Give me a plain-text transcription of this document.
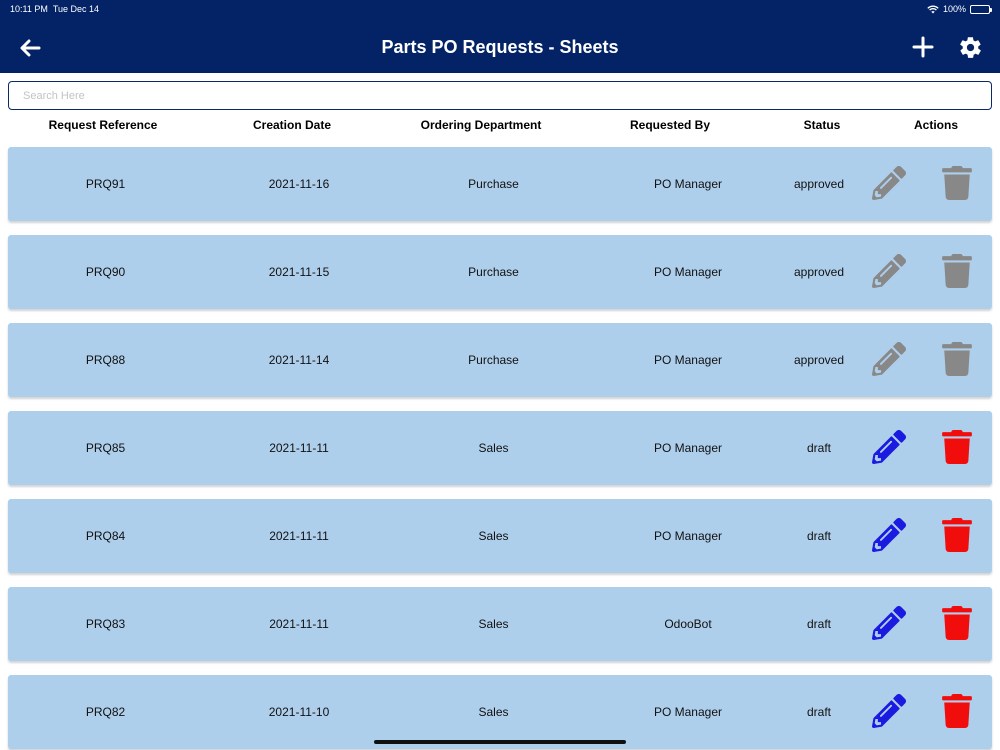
10:11 PM Tue Dec 14	100%
Parts PO Requests - Sheets
Search Here
Request Reference	Creation Date	Ordering Department	Requested By	Status	Actions
PRQ91	2021-11-16	Purchase	PO Manager	approved
PRQ90	2021-11-15	Purchase	PO Manager	approved
PRQ88	2021-11-14	Purchase	PO Manager	approved
PRQ85	2021-11-11	Sales	PO Manager	draft
PRQ84	2021-11-11	Sales	PO Manager	draft
PRQ83	2021-11-11	Sales	OdooBot	draft
PRQ82	2021-11-10	Sales	PO Manager	draft
